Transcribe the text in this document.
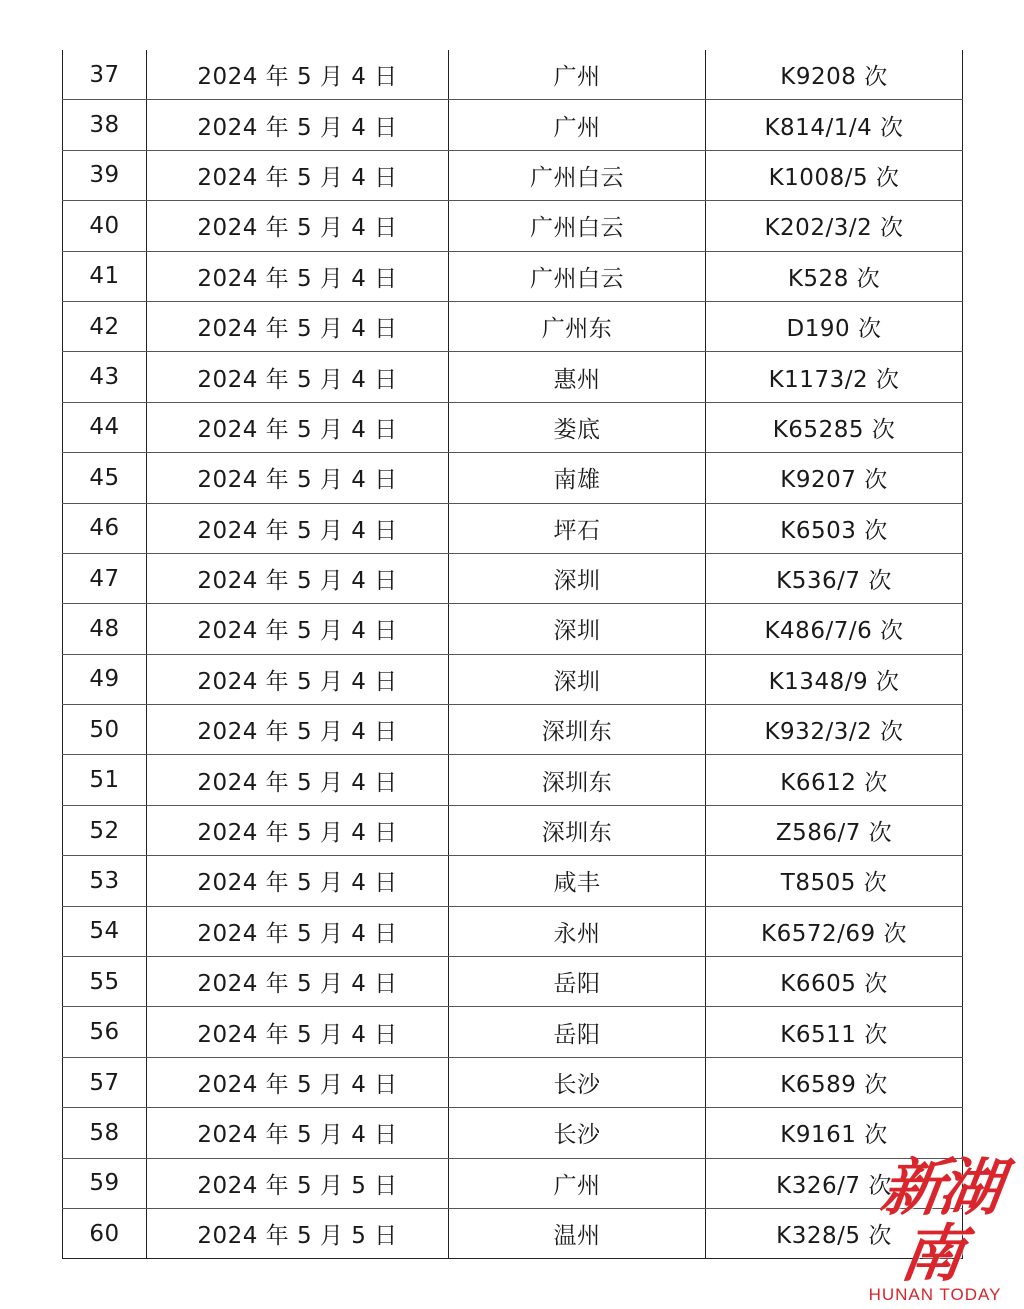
37	2024 年 5 月 4 日	广州	K9208 次
38	2024 年 5 月 4 日	广州	K814/1/4 次
39	2024 年 5 月 4 日	广州白云	K1008/5 次
40	2024 年 5 月 4 日	广州白云	K202/3/2 次
41	2024 年 5 月 4 日	广州白云	K528 次
42	2024 年 5 月 4 日	广州东	D190 次
43	2024 年 5 月 4 日	惠州	K1173/2 次
44	2024 年 5 月 4 日	娄底	K65285 次
45	2024 年 5 月 4 日	南雄	K9207 次
46	2024 年 5 月 4 日	坪石	K6503 次
47	2024 年 5 月 4 日	深圳	K536/7 次
48	2024 年 5 月 4 日	深圳	K486/7/6 次
49	2024 年 5 月 4 日	深圳	K1348/9 次
50	2024 年 5 月 4 日	深圳东	K932/3/2 次
51	2024 年 5 月 4 日	深圳东	K6612 次
52	2024 年 5 月 4 日	深圳东	Z586/7 次
53	2024 年 5 月 4 日	咸丰	T8505 次
54	2024 年 5 月 4 日	永州	K6572/69 次
55	2024 年 5 月 4 日	岳阳	K6605 次
56	2024 年 5 月 4 日	岳阳	K6511 次
57	2024 年 5 月 4 日	长沙	K6589 次
58	2024 年 5 月 4 日	长沙	K9161 次
59	2024 年 5 月 5 日	广州	K326/7 次
60	2024 年 5 月 5 日	温州	K328/5 次
新湖南
HUNAN TODAY
